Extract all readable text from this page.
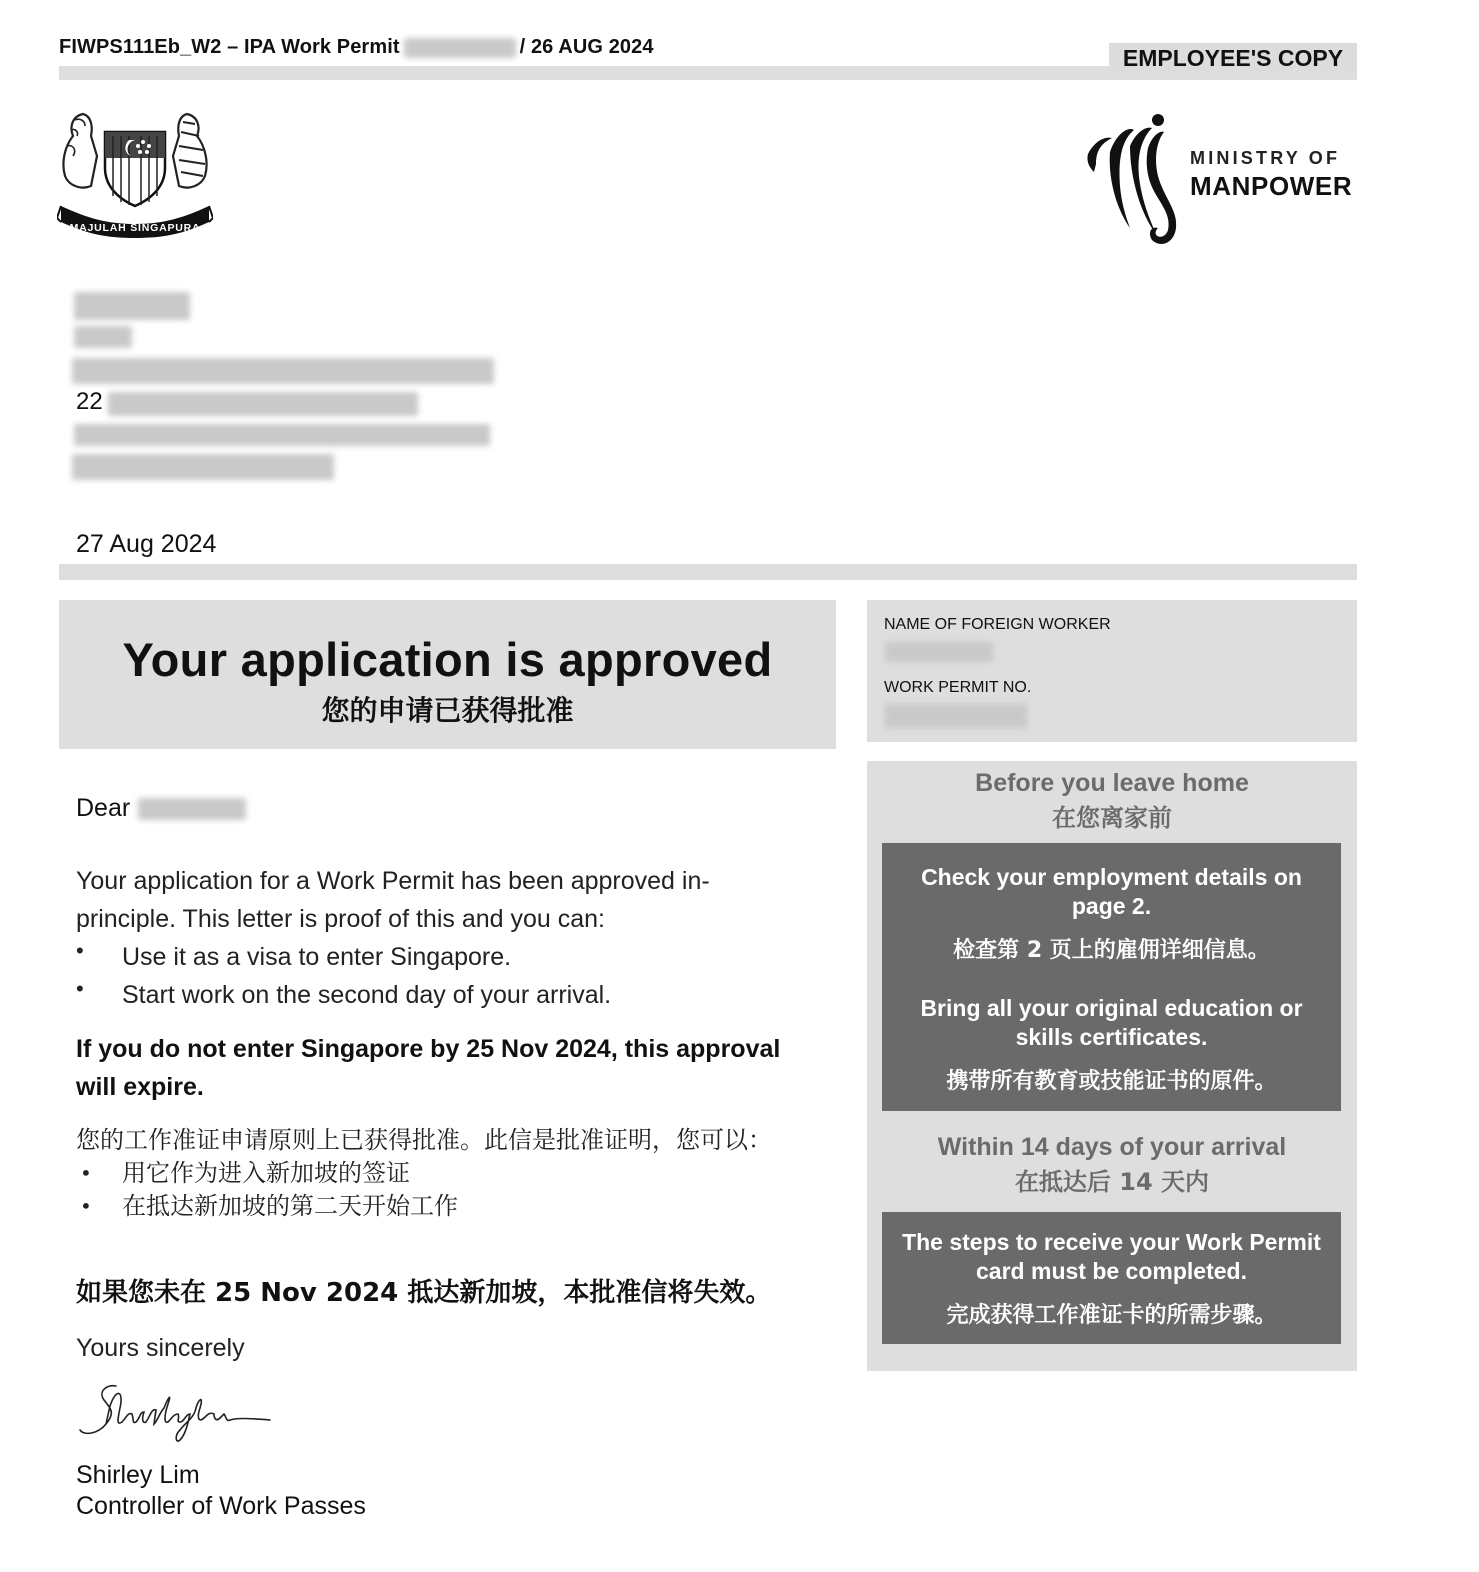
FIWPS111Eb_W2 – IPA Work Permit	/ 26 AUG 2024	EMPLOYEE'S COPY
MAJULAH SINGAPURA
MINISTRY OF
MANPOWER
22
27 Aug 2024
Your application is approved
您的申请已获得批准
NAME OF FOREIGN WORKER
WORK PERMIT NO.
Dear
Your application for a Work Permit has been approved in-principle. This letter is proof of this and you can:
• Use it as a visa to enter Singapore.
• Start work on the second day of your arrival.
If you do not enter Singapore by 25 Nov 2024, this approval will expire.
您的工作准证申请原则上已获得批准。此信是批准证明，您可以：
• 用它作为进入新加坡的签证
• 在抵达新加坡的第二天开始工作
如果您未在 25 Nov 2024 抵达新加坡，本批准信将失效。
Yours sincerely
Shirley Lim
Controller of Work Passes
Before you leave home
在您离家前
Check your employment details on page 2.
检查第 2 页上的雇佣详细信息。
Bring all your original education or skills certificates.
携带所有教育或技能证书的原件。
Within 14 days of your arrival
在抵达后 14 天内
The steps to receive your Work Permit card must be completed.
完成获得工作准证卡的所需步骤。
